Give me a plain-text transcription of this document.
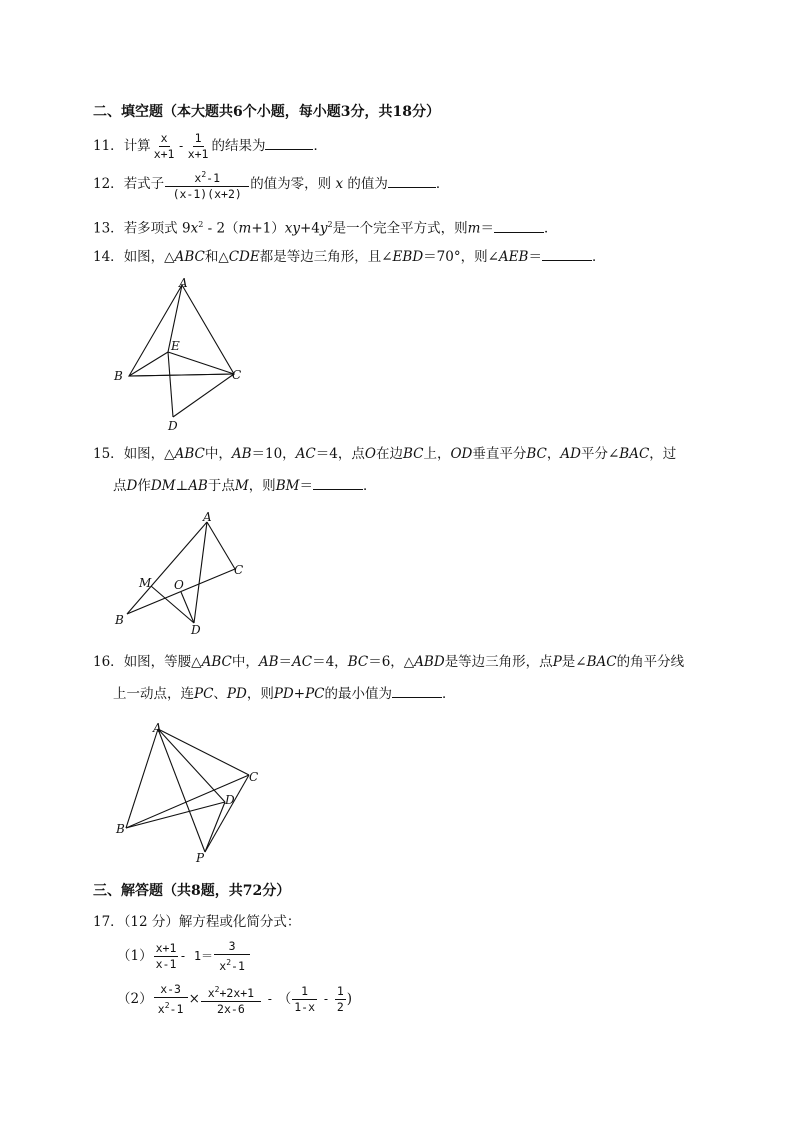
二、填空题（本大题共6个小题，每小题3分，共18分）
11．计算 $\frac{x}{x+1} - \frac{1}{x+1}$ 的结果为	．
12．若式子 $\frac{x^2-1}{(x-1)(x+2)}$ 的值为零，则 x 的值为	．
13．若多项式 $9x^2 - 2(m+1)xy+4y^2$是一个完全平方式，则m＝	．
14．如图，△ABC和△CDE都是等边三角形，且∠EBD＝70°，则∠AEB＝	．
A
B	C
D
E
15．如图，△ABC中，AB＝10，AC＝4，点O在边BC上，OD垂直平分BC，AD平分∠BAC，过
点D作DM⊥AB于点M，则BM＝	．
A
B
C
D
M O
16．如图，等腰△ABC中，AB＝AC＝4，BC＝6，△ABD是等边三角形，点P是∠BAC的角平分线
上一动点，连PC、PD，则PD+PC的最小值为	．
A
B
C
D
P
三、解答题（共8题，共72分）
17．（12 分）解方程或化简分式：
$(1) \frac{x+1}{x-1} - 1= \frac{3}{x^2-1}$
$(2) \frac{x-3}{x^2-1} \times \frac{x^2+2x+1}{2x-6}$ - （ $\frac{1}{1-x} - \frac{1}{2}$ )
